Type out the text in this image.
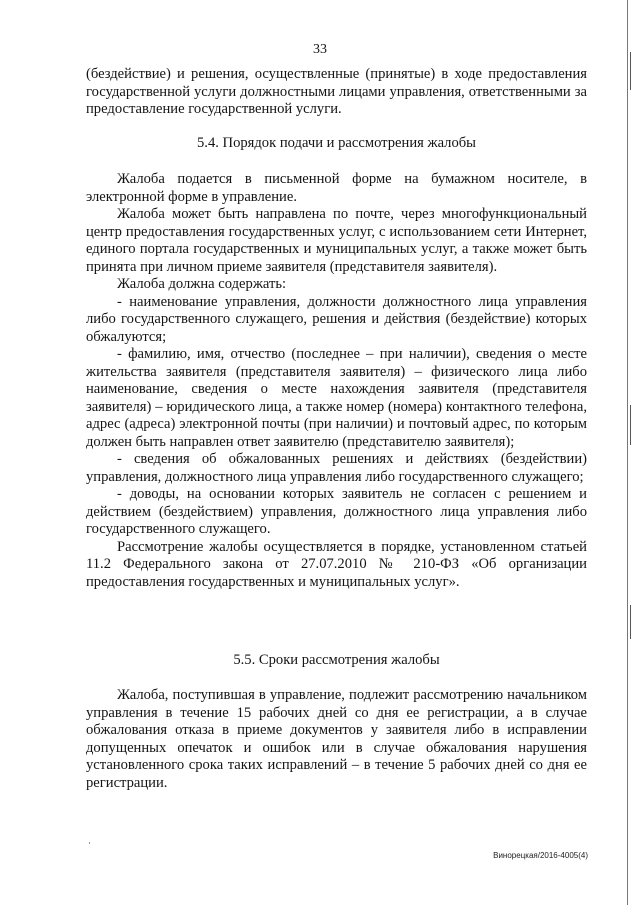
33

(бездействие) и решения, осуществленные (принятые) в ходе предоставления государственной услуги должностными лицами управления, ответственными за предоставление государственной услуги.

5.4. Порядок подачи и рассмотрения жалобы

Жалоба подается в письменной форме на бумажном носителе, в электронной форме в управление.

Жалоба может быть направлена по почте, через многофункциональный центр предоставления государственных услуг, с использованием сети Интернет, единого портала государственных и муниципальных услуг, а также может быть принята при личном приеме заявителя (представителя заявителя).

Жалоба должна содержать:

- наименование управления, должности должностного лица управления либо государственного служащего, решения и действия (бездействие) которых обжалуются;

- фамилию, имя, отчество (последнее – при наличии), сведения о месте жительства заявителя (представителя заявителя) – физического лица либо наименование, сведения о месте нахождения заявителя (представителя заявителя) – юридического лица, а также номер (номера) контактного телефона, адрес (адреса) электронной почты (при наличии) и почтовый адрес, по которым должен быть направлен ответ заявителю (представителю заявителя);

- сведения об обжалованных решениях и действиях (бездействии) управления, должностного лица управления либо государственного служащего;

- доводы, на основании которых заявитель не согласен с решением и действием (бездействием) управления, должностного лица управления либо государственного служащего.

Рассмотрение жалобы осуществляется в порядке, установленном статьей 11.2 Федерального закона от 27.07.2010 № 210-ФЗ «Об организации предоставления государственных и муниципальных услуг».

5.5. Сроки рассмотрения жалобы

Жалоба, поступившая в управление, подлежит рассмотрению начальником управления в течение 15 рабочих дней со дня ее регистрации, а в случае обжалования отказа в приеме документов у заявителя либо в исправлении допущенных опечаток и ошибок или в случае обжалования нарушения установленного срока таких исправлений – в течение 5 рабочих дней со дня ее регистрации.

Винорецкая/2016-4005(4)
